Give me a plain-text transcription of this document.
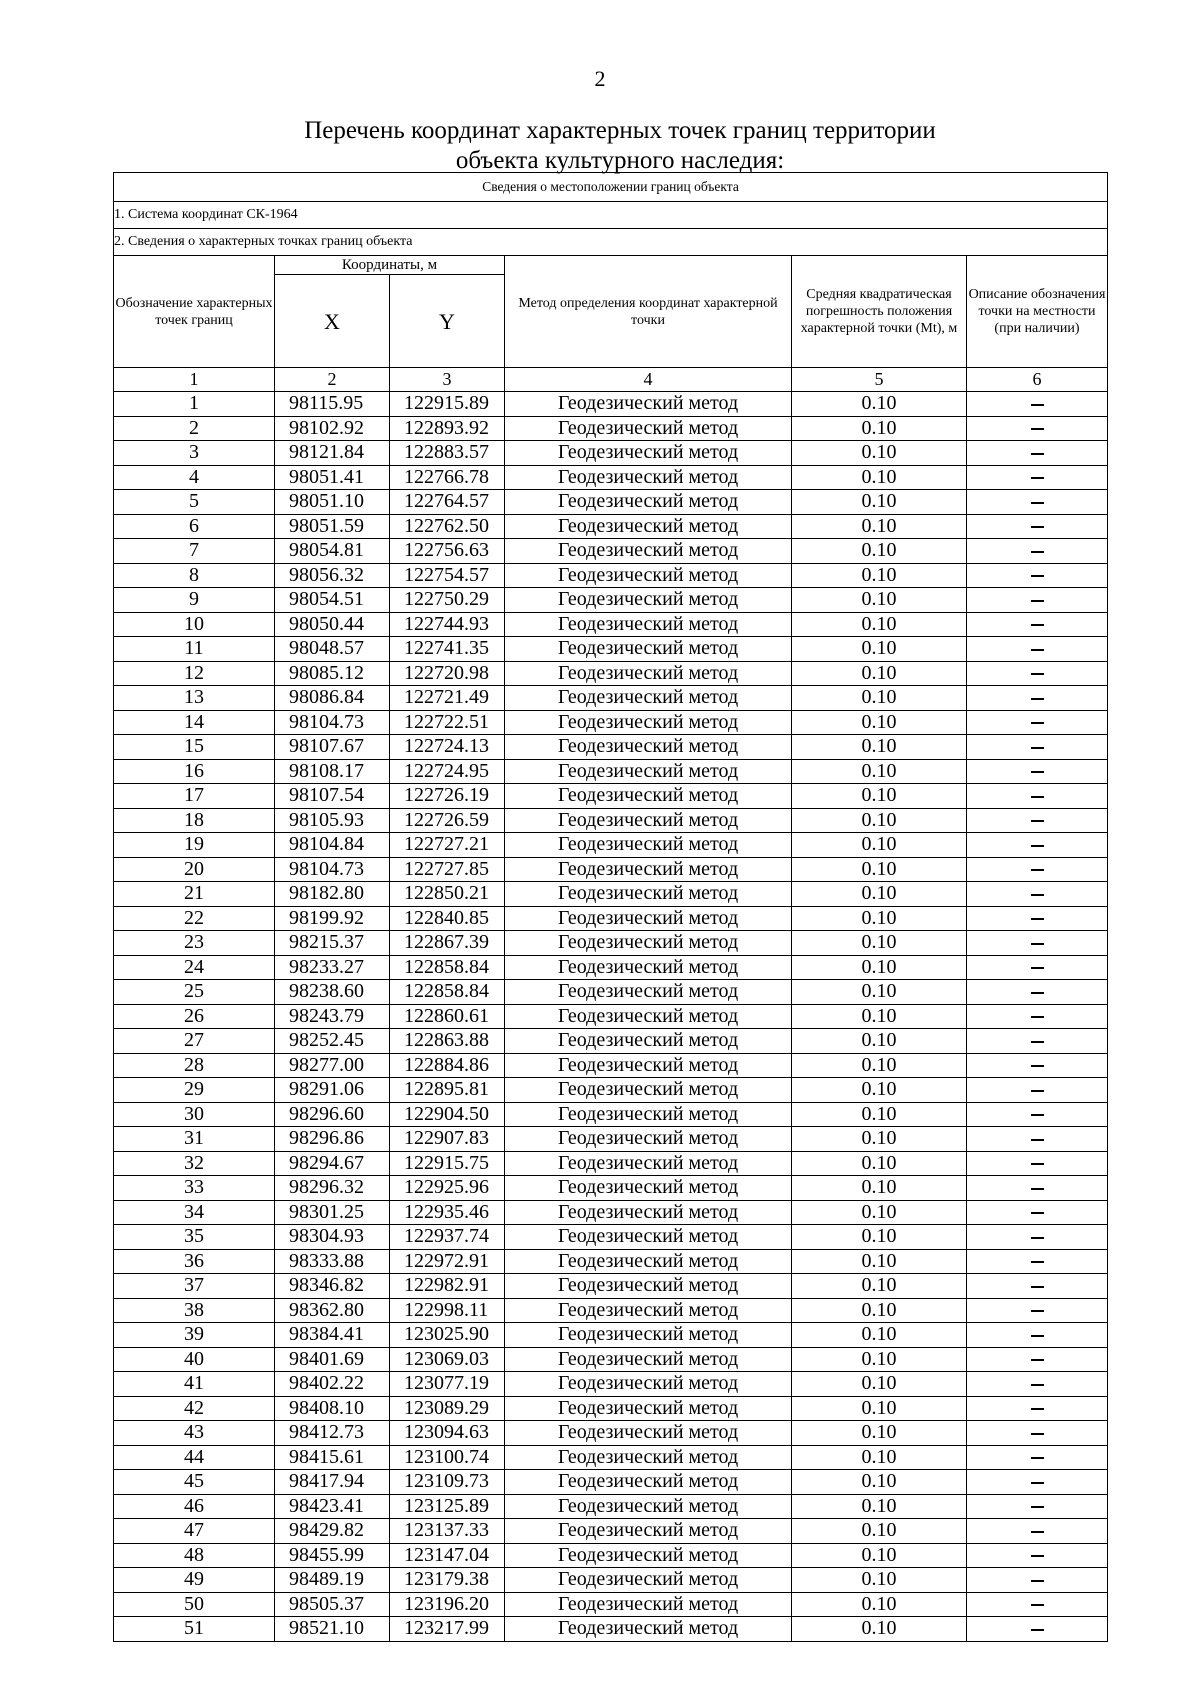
2
Перечень координат характерных точек границ территории
объекта культурного наследия:
Сведения о местоположении границ объекта					
1. Система координат СК-1964					
2. Сведения о характерных точках границ объекта					
Обозначение характерных точек границ	Координаты, м		Метод определения координат характерной точки	Средняя квадратическая погрешность положения характерной точки (Mt), м	Описание обозначения точки на местности (при наличии)
	X	Y			
1	2	3	4	5	6
1	98115.95	122915.89	Геодезический метод	0.10	
2	98102.92	122893.92	Геодезический метод	0.10	
3	98121.84	122883.57	Геодезический метод	0.10	
4	98051.41	122766.78	Геодезический метод	0.10	
5	98051.10	122764.57	Геодезический метод	0.10	
6	98051.59	122762.50	Геодезический метод	0.10	
7	98054.81	122756.63	Геодезический метод	0.10	
8	98056.32	122754.57	Геодезический метод	0.10	
9	98054.51	122750.29	Геодезический метод	0.10	
10	98050.44	122744.93	Геодезический метод	0.10	
11	98048.57	122741.35	Геодезический метод	0.10	
12	98085.12	122720.98	Геодезический метод	0.10	
13	98086.84	122721.49	Геодезический метод	0.10	
14	98104.73	122722.51	Геодезический метод	0.10	
15	98107.67	122724.13	Геодезический метод	0.10	
16	98108.17	122724.95	Геодезический метод	0.10	
17	98107.54	122726.19	Геодезический метод	0.10	
18	98105.93	122726.59	Геодезический метод	0.10	
19	98104.84	122727.21	Геодезический метод	0.10	
20	98104.73	122727.85	Геодезический метод	0.10	
21	98182.80	122850.21	Геодезический метод	0.10	
22	98199.92	122840.85	Геодезический метод	0.10	
23	98215.37	122867.39	Геодезический метод	0.10	
24	98233.27	122858.84	Геодезический метод	0.10	
25	98238.60	122858.84	Геодезический метод	0.10	
26	98243.79	122860.61	Геодезический метод	0.10	
27	98252.45	122863.88	Геодезический метод	0.10	
28	98277.00	122884.86	Геодезический метод	0.10	
29	98291.06	122895.81	Геодезический метод	0.10	
30	98296.60	122904.50	Геодезический метод	0.10	
31	98296.86	122907.83	Геодезический метод	0.10	
32	98294.67	122915.75	Геодезический метод	0.10	
33	98296.32	122925.96	Геодезический метод	0.10	
34	98301.25	122935.46	Геодезический метод	0.10	
35	98304.93	122937.74	Геодезический метод	0.10	
36	98333.88	122972.91	Геодезический метод	0.10	
37	98346.82	122982.91	Геодезический метод	0.10	
38	98362.80	122998.11	Геодезический метод	0.10	
39	98384.41	123025.90	Геодезический метод	0.10	
40	98401.69	123069.03	Геодезический метод	0.10	
41	98402.22	123077.19	Геодезический метод	0.10	
42	98408.10	123089.29	Геодезический метод	0.10	
43	98412.73	123094.63	Геодезический метод	0.10	
44	98415.61	123100.74	Геодезический метод	0.10	
45	98417.94	123109.73	Геодезический метод	0.10	
46	98423.41	123125.89	Геодезический метод	0.10	
47	98429.82	123137.33	Геодезический метод	0.10	
48	98455.99	123147.04	Геодезический метод	0.10	
49	98489.19	123179.38	Геодезический метод	0.10	
50	98505.37	123196.20	Геодезический метод	0.10	
51	98521.10	123217.99	Геодезический метод	0.10	
